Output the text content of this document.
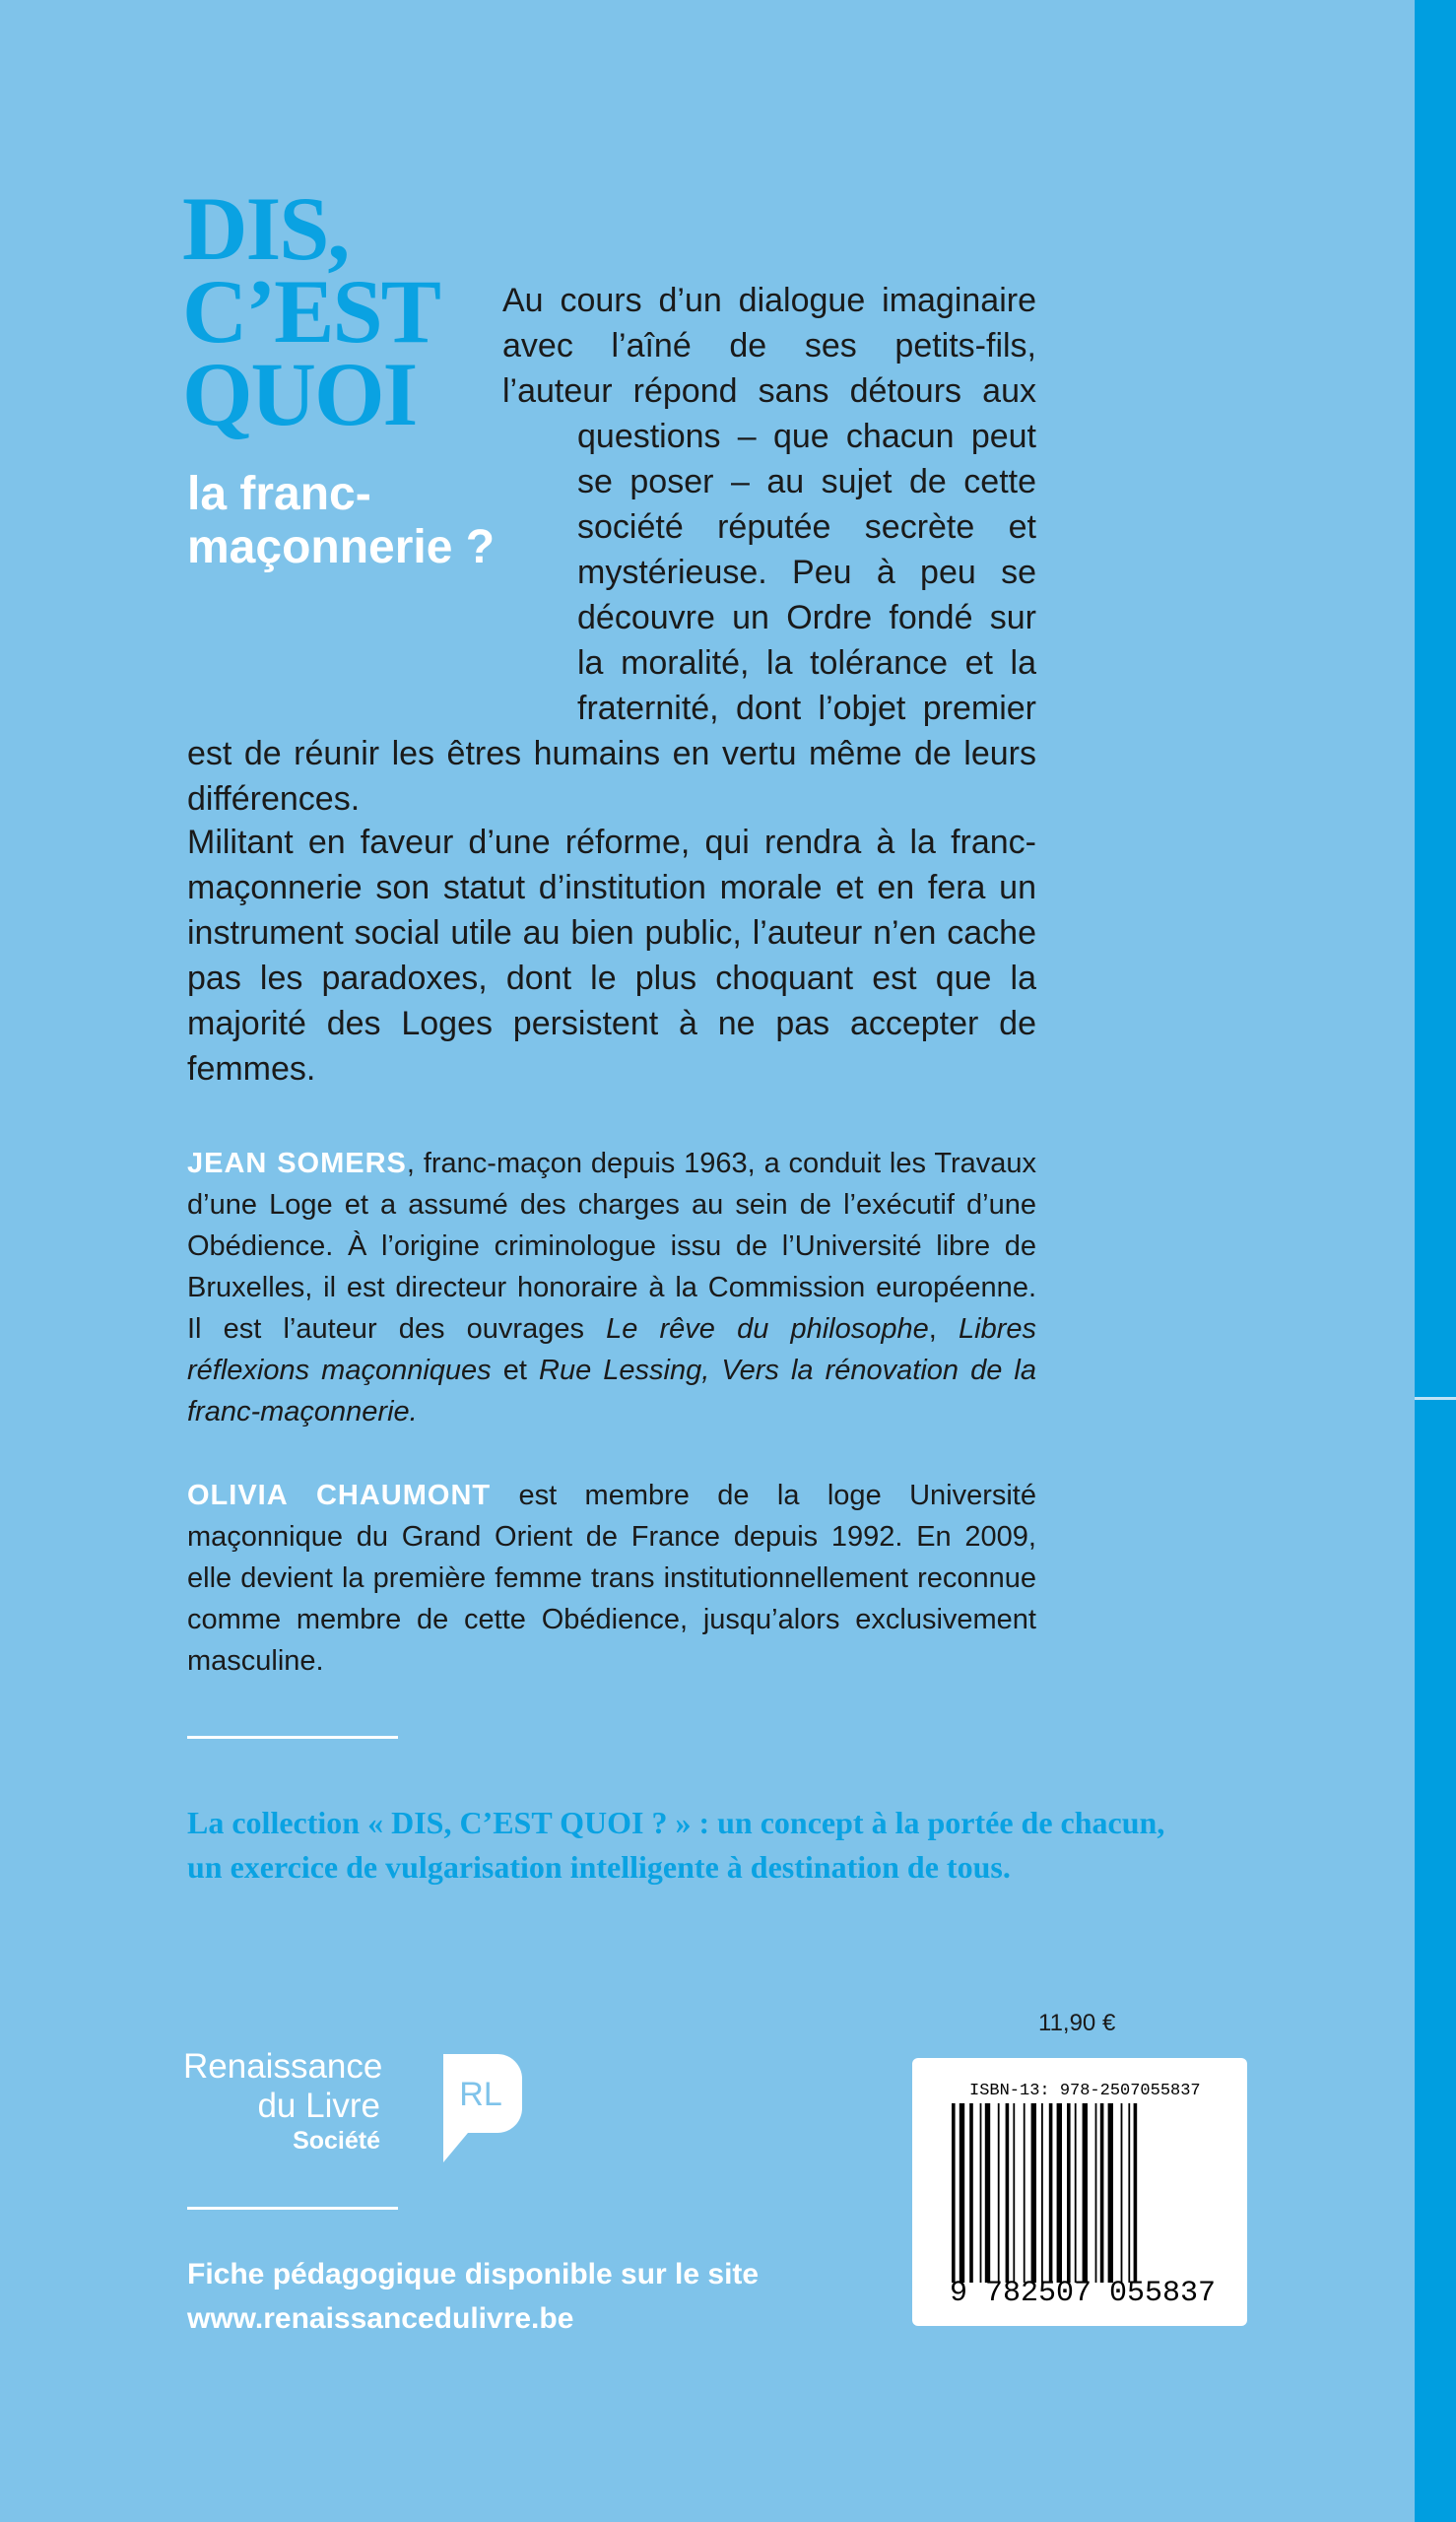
DIS,
C’EST
QUOI
la franc-
maçonnerie ?
Au cours d’un dialogue imaginaire avec l’aîné de ses petits-fils, l’auteur répond sans détours aux questions – que chacun peut se poser – au sujet de cette société réputée secrète et mystérieuse. Peu à peu se découvre un Ordre fondé sur la moralité, la tolérance et la fraternité, dont l’objet premier est de réunir les êtres humains en vertu même de leurs différences.

Militant en faveur d’une réforme, qui rendra à la franc-maçonnerie son statut d’institution morale et en fera un instrument social utile au bien public, l’auteur n’en cache pas les paradoxes, dont le plus choquant est que la majorité des Loges persistent à ne pas accepter de femmes.

JEAN SOMERS, franc-maçon depuis 1963, a conduit les Travaux d’une Loge et a assumé des charges au sein de l’exécutif d’une Obédience. À l’origine criminologue issu de l’Université libre de Bruxelles, il est directeur honoraire à la Commission européenne. Il est l’auteur des ouvrages Le rêve du philosophe, Libres réflexions maçonniques et Rue Lessing, Vers la rénovation de la franc-maçonnerie.

OLIVIA CHAUMONT est membre de la loge Université maçonnique du Grand Orient de France depuis 1992. En 2009, elle devient la première femme trans institutionnellement reconnue comme membre de cette Obédience, jusqu’alors exclusivement masculine.

La collection « DIS, C’EST QUOI ? » : un concept à la portée de chacun,
un exercice de vulgarisation intelligente à destination de tous.

11,90 €
ISBN-13: 978-2507055837
9 782507 055837
Renaissance
du Livre
Société
RL
Fiche pédagogique disponible sur le site
www.renaissancedulivre.be
